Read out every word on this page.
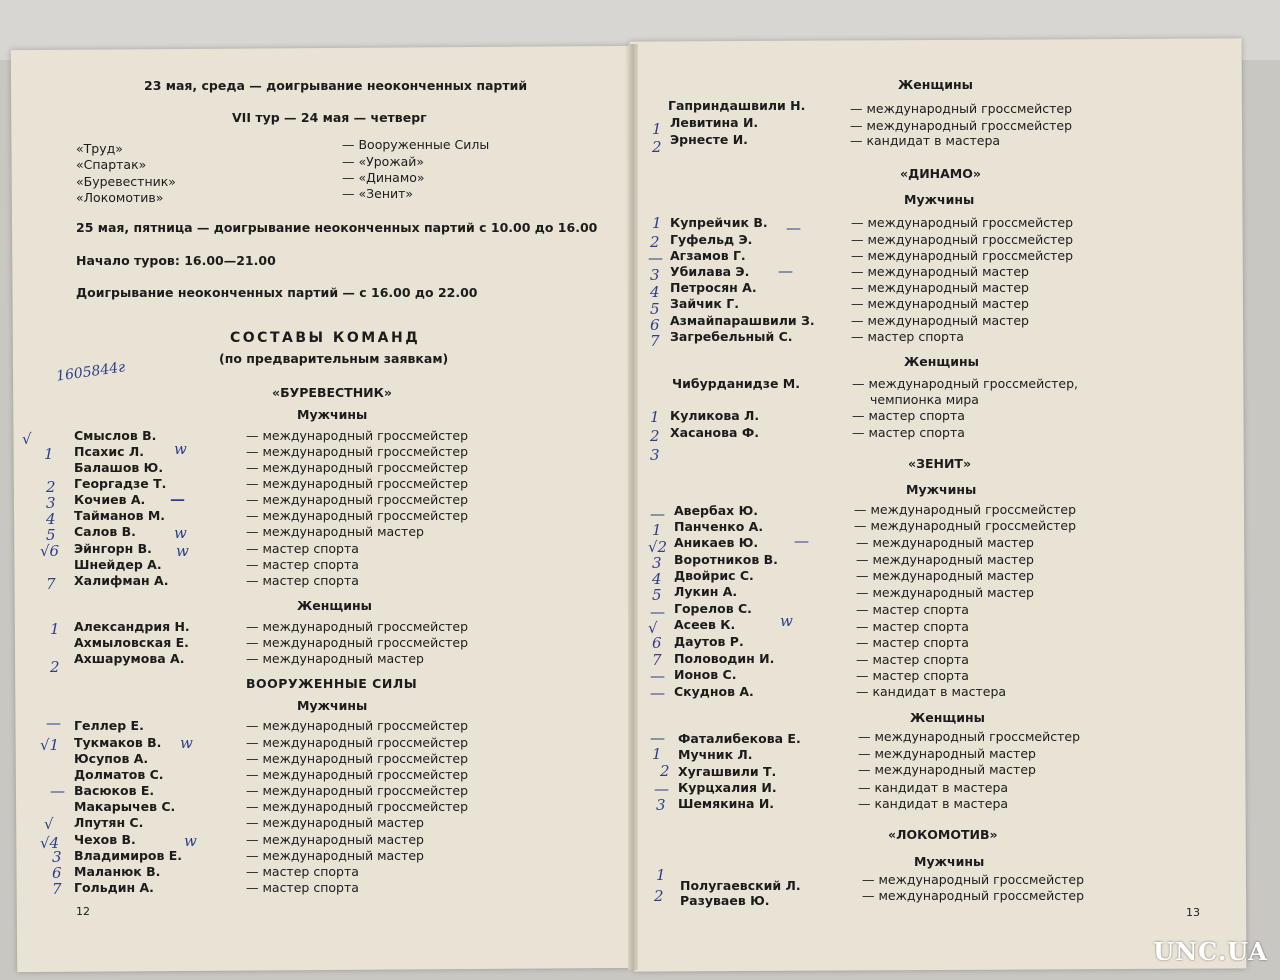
23 мая, среда — доигрывание неоконченных партий
VII тур — 24 мая — четверг
«Труд»	— Вооруженные Силы
«Спартак»	— «Урожай»
«Буревестник»	— «Динамо»
«Локомотив»	— «Зенит»
25 мая, пятница — доигрывание неоконченных партий с 10.00 до 16.00
Начало туров: 16.00—21.00
Доигрывание неоконченных партий — с 16.00 до 22.00
СОСТАВЫ КОМАНД
(по предварительным заявкам)
1605844г
«БУРЕВЕСТНИК»
Мужчины
Смыслов В.	— международный гроссмейстер
Псахис Л.	— международный гроссмейстер
Балашов Ю.	— международный гроссмейстер
Георгадзе Т.	— международный гроссмейстер
Кочиев А.	— международный гроссмейстер
Тайманов М.	— международный гроссмейстер
Салов В.	— международный мастер
Эйнгорн В.	— мастер спорта
Шнейдер А.	— мастер спорта
Халифман А.	— мастер спорта
Женщины
Александрия Н.	— международный гроссмейстер
Ахмыловская Е.	— международный гроссмейстер
Ахшарумова А.	— международный мастер
ВООРУЖЕННЫЕ СИЛЫ
Мужчины
Геллер Е.	— международный гроссмейстер
Тукмаков В.	— международный гроссмейстер
Юсупов А.	— международный гроссмейстер
Долматов С.	— международный гроссмейстер
Васюков Е.	— международный гроссмейстер
Макарычев С.	— международный гроссмейстер
Лпутян С.	— международный мастер
Чехов В.	— международный мастер
Владимиров Е.	— международный мастер
Маланюк В.	— мастер спорта
Гольдин А.	— мастер спорта
12
√
1
2
3
4
5
√6
7
w
w
w
—
1
2
—
√1	w
—
√
√4	w
3
6
7
Женщины
Гаприндашвили Н.	— международный гроссмейстер
Левитина И.	— международный гроссмейстер
Эрнесте И.	— кандидат в мастера
«ДИНАМО»
Мужчины
Купрейчик В.	— международный гроссмейстер
Гуфельд Э.	— международный гроссмейстер
Агзамов Г.	— международный гроссмейстер
Убилава Э.	— международный мастер
Петросян А.	— международный мастер
Зайчик Г.	— международный мастер
Азмайпарашвили З.	— международный мастер
Загребельный С.	— мастер спорта
Женщины
Чибурданидзе М.	— международный гроссмейстер,
чемпионка мира
Куликова Л.	— мастер спорта
Хасанова Ф.	— мастер спорта
«ЗЕНИТ»
Мужчины
Авербах Ю.	— международный гроссмейстер
Панченко А.	— международный гроссмейстер
Аникаев Ю.	— международный мастер
Воротников В.	— международный мастер
Двойрис С.	— международный мастер
Лукин А.	— международный мастер
Горелов С.	— мастер спорта
Асеев К.	— мастер спорта
Даутов Р.	— мастер спорта
Половодин И.	— мастер спорта
Ионов С.	— мастер спорта
Скуднов А.	— кандидат в мастера
Женщины
Фаталибекова Е.	— международный гроссмейстер
Мучник Л.	— международный мастер
Хугашвили Т.	— международный мастер
Курцхалия И.	— кандидат в мастера
Шемякина И.	— кандидат в мастера
«ЛОКОМОТИВ»
Мужчины
Полугаевский Л.	— международный гроссмейстер
Разуваев Ю.	— международный гроссмейстер
13
1
2
1
2
—
3
4
5
6
7
—
—
1
2
3
—
1
√2	—
3
4
5
—
√	w
6
7
—
—
—
1
2
—
3
1
2
UNC.UA
